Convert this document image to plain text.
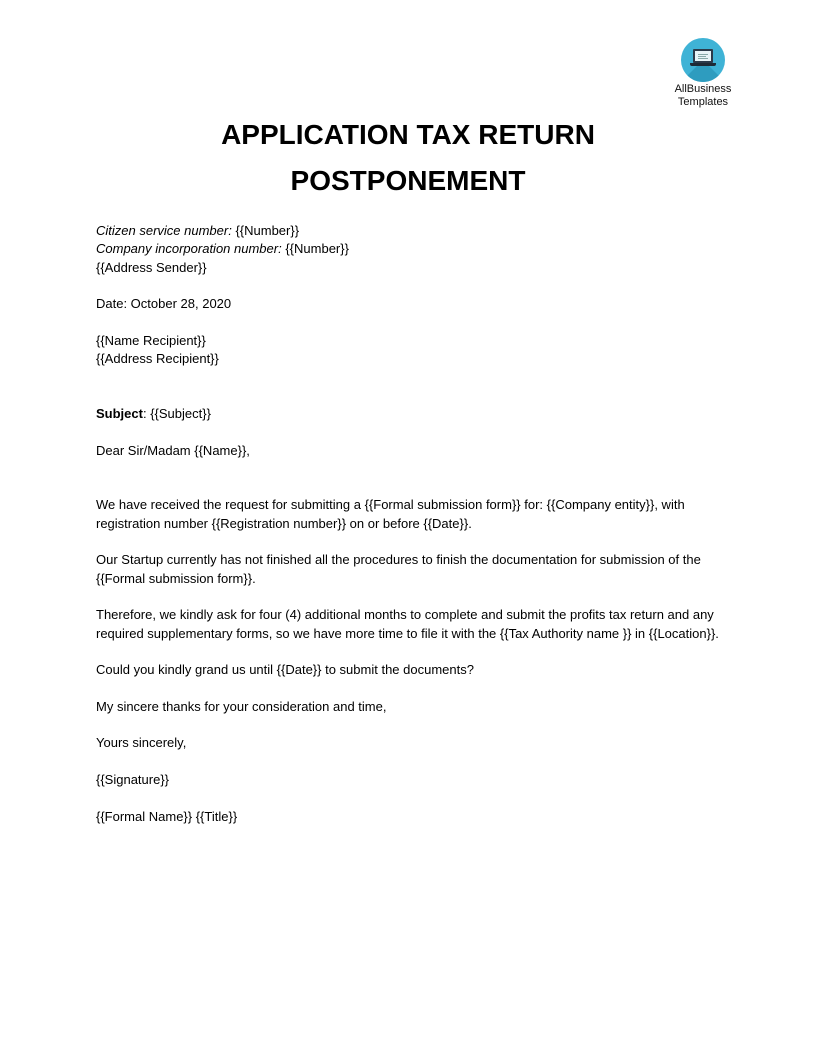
AllBusiness
Templates
APPLICATION TAX RETURN
POSTPONEMENT
Citizen service number: {{Number}}
Company incorporation number: {{Number}}
{{Address Sender}}
Date: October 28, 2020
{{Name Recipient}}
{{Address Recipient}}
Subject: {{Subject}}
Dear Sir/Madam {{Name}},
We have received the request for submitting a {{Formal submission form}} for: {{Company entity}}, with registration number {{Registration number}} on or before {{Date}}.
Our Startup currently has not finished all the procedures to finish the documentation for submission of the {{Formal submission form}}.
Therefore, we kindly ask for four (4) additional months to complete and submit the profits tax return and any required supplementary forms, so we have more time to file it with the {{Tax Authority name }} in {{Location}}.
Could you kindly grand us until {{Date}} to submit the documents?
My sincere thanks for your consideration and time,
Yours sincerely,
{{Signature}}
{{Formal Name}} {{Title}}
